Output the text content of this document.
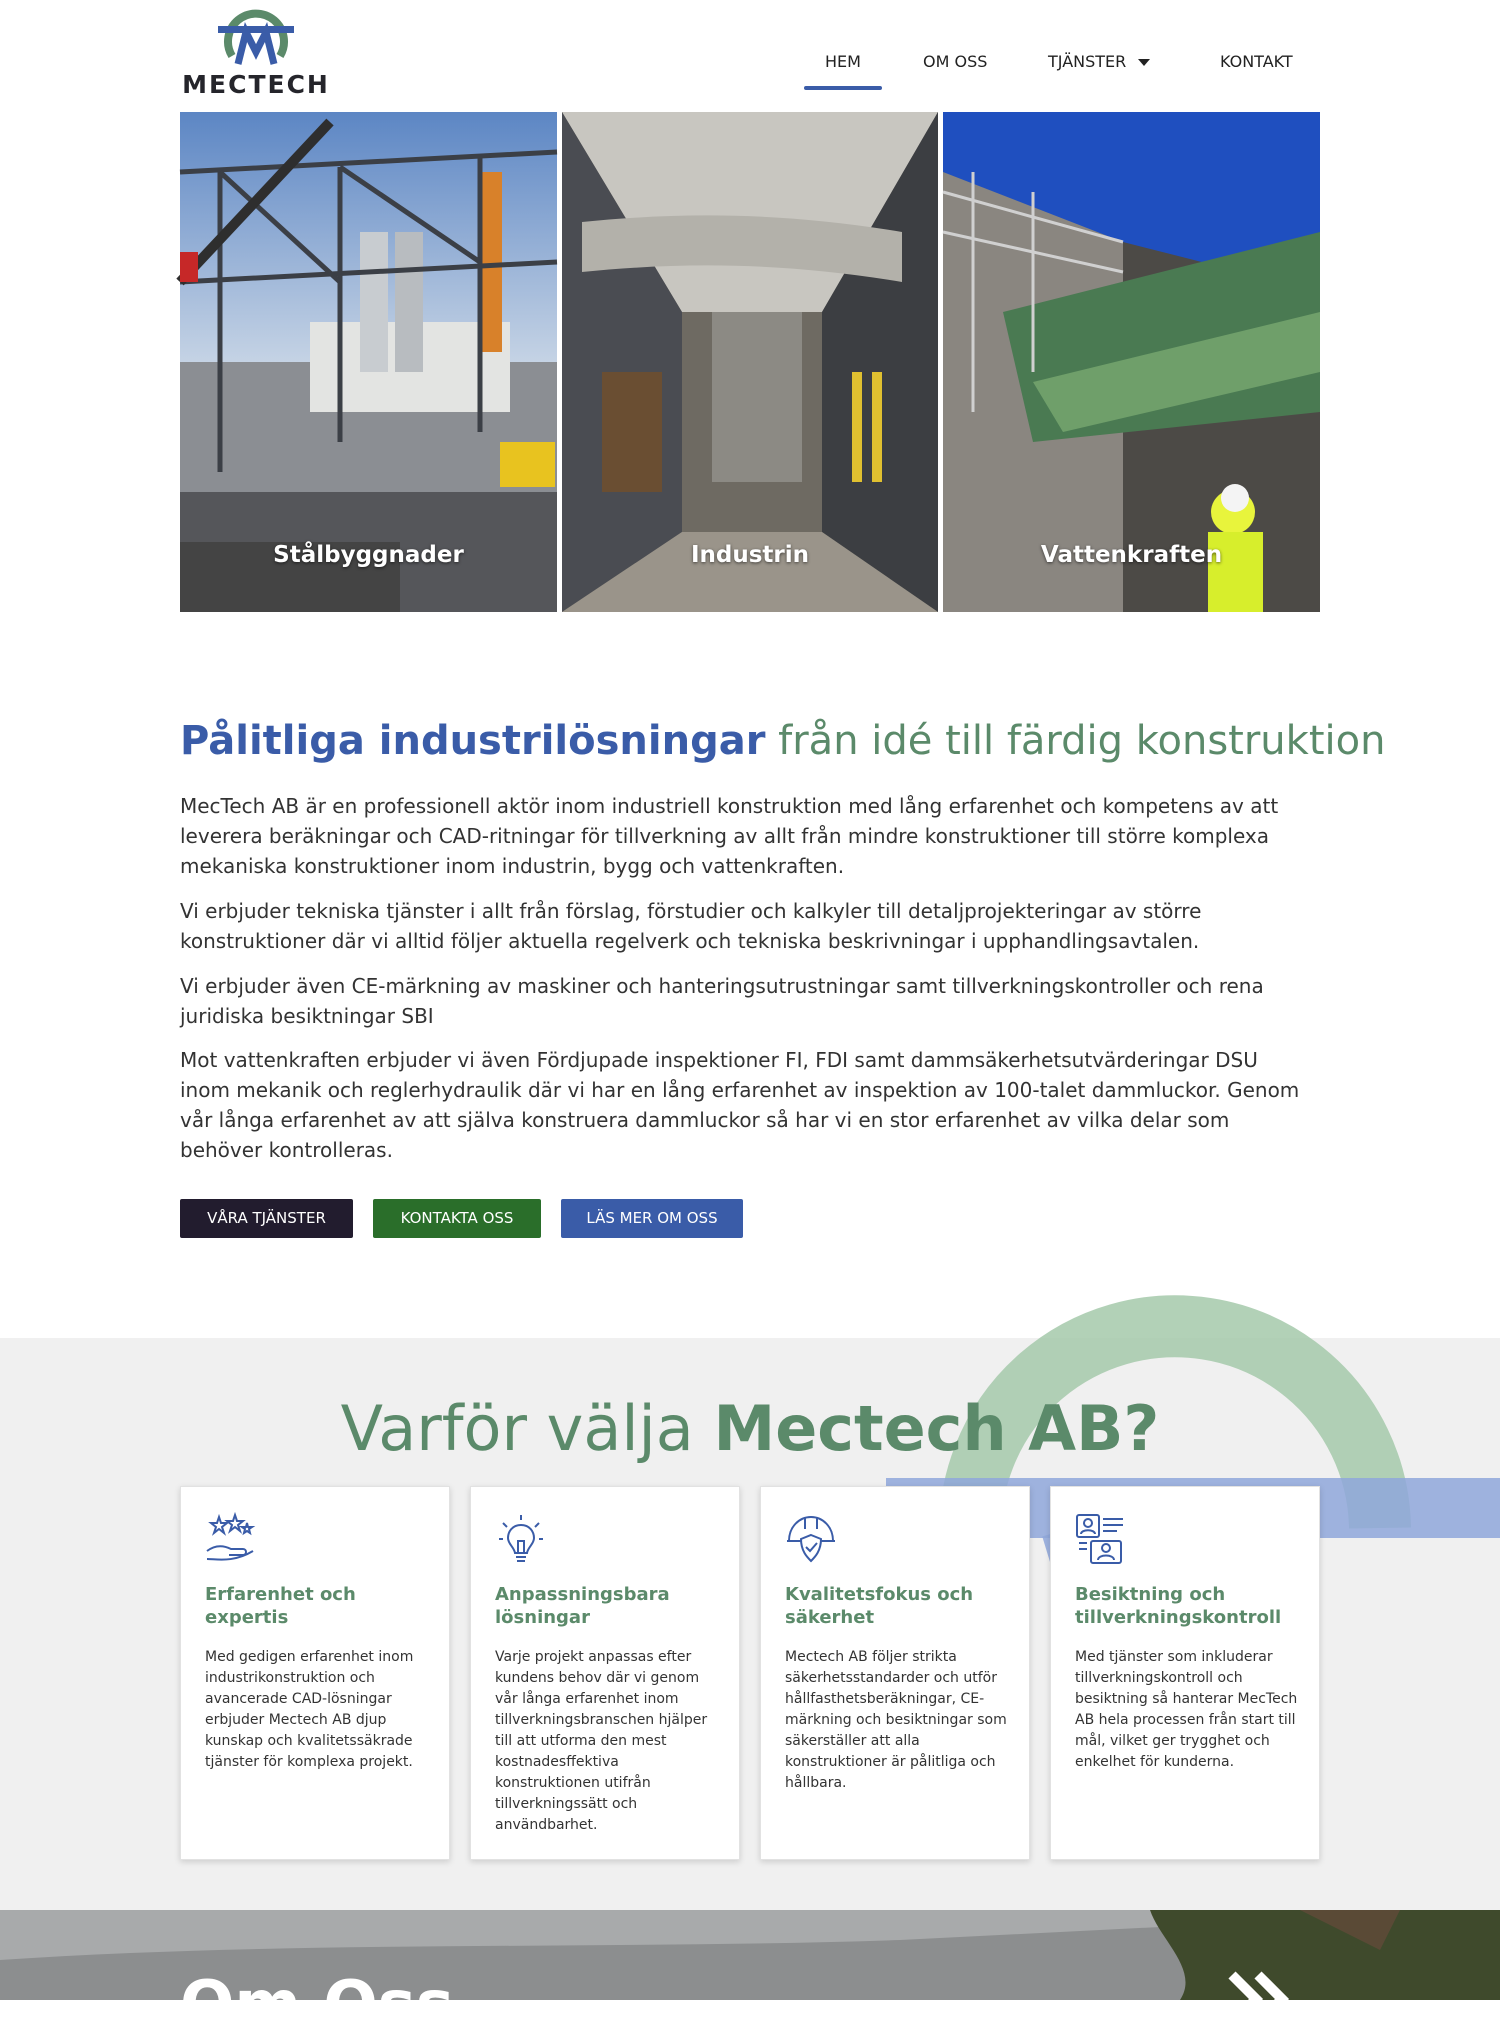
MECTECH
HEM	OM OSS	TJÄNSTER	KONTAKT
Stålbyggnader	Industrin	Vattenkraften
Pålitliga industrilösningar från idé till färdig konstruktion

MecTech AB är en professionell aktör inom industriell konstruktion med lång erfarenhet och kompetens av att leverera beräkningar och CAD-ritningar för tillverkning av allt från mindre konstruktioner till större komplexa mekaniska konstruktioner inom industrin, bygg och vattenkraften.

Vi erbjuder tekniska tjänster i allt från förslag, förstudier och kalkyler till detaljprojekteringar av större konstruktioner där vi alltid följer aktuella regelverk och tekniska beskrivningar i upphandlingsavtalen.

Vi erbjuder även CE-märkning av maskiner och hanteringsutrustningar samt tillverkningskontroller och rena juridiska besiktningar SBI

Mot vattenkraften erbjuder vi även Fördjupade inspektioner FI, FDI samt dammsäkerhetsutvärderingar DSU inom mekanik och reglerhydraulik där vi har en lång erfarenhet av inspektion av 100-talet dammluckor. Genom vår långa erfarenhet av att själva konstruera dammluckor så har vi en stor erfarenhet av vilka delar som behöver kontrolleras.

VÅRA TJÄNSTER	KONTAKTA OSS	LÄS MER OM OSS
Varför välja Mectech AB?
Erfarenhet och expertis
Med gedigen erfarenhet inom industrikonstruktion och avancerade CAD-lösningar erbjuder Mectech AB djup kunskap och kvalitetssäkrade tjänster för komplexa projekt.
Anpassningsbara lösningar
Varje projekt anpassas efter kundens behov där vi genom vår långa erfarenhet inom tillverkningsbranschen hjälper till att utforma den mest kostnadesffektiva konstruktionen utifrån tillverkningssätt och användbarhet.
Kvalitetsfokus och säkerhet
Mectech AB följer strikta säkerhetsstandarder och utför hållfasthetsberäkningar, CE-märkning och besiktningar som säkerställer att alla konstruktioner är pålitliga och hållbara.
Besiktning och tillverkningskontroll
Med tjänster som inkluderar tillverkningskontroll och besiktning så hanterar MecTech AB hela processen från start till mål, vilket ger trygghet och enkelhet för kunderna.
Om Oss
